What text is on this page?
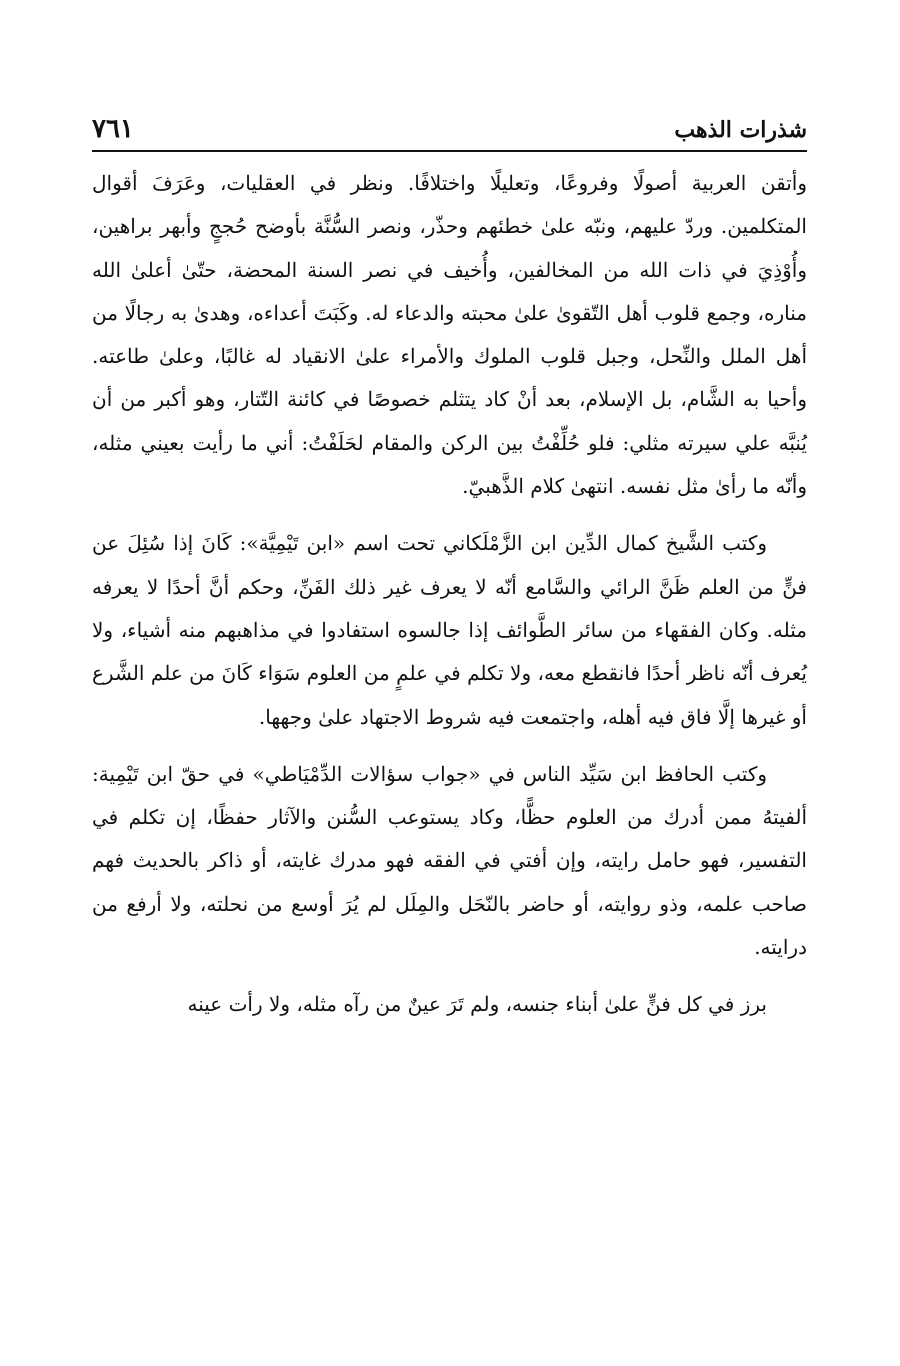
شذرات الذهب
٧٦١

وأتقن العربية أصولًا وفروعًا، وتعليلًا واختلافًا. ونظر في العقليات، وعَرَفَ أقوال المتكلمين. وردّ عليهم، ونبّه علىٰ خطئهم وحذّر، ونصر السُّنَّة بأوضح حُججٍ وأبهر براهين، وأُوْذِيَ في ذات الله من المخالفين، وأُخيف في نصر السنة المحضة، حتّىٰ أعلىٰ الله مناره، وجمع قلوب أهل التّقوىٰ علىٰ محبته والدعاء له. وكَبَتَ أعداءه، وهدىٰ به رجالًا من أهل الملل والنِّحل، وجبل قلوب الملوك والأمراء علىٰ الانقياد له غالبًا، وعلىٰ طاعته. وأحيا به الشَّام، بل الإسلام، بعد أنْ كاد يتثلم خصوصًا في كائنة التّتار، وهو أكبر من أن يُنبَّه علي سيرته مثلي: فلو حُلِّفْتُ بين الركن والمقام لحَلَفْتُ: أني ما رأيت بعيني مثله، وأنّه ما رأىٰ مثل نفسه. انتهىٰ كلام الذَّهبيّ.

وكتب الشَّيخ كمال الدِّين ابن الزَّمْلَكاني تحت اسم «ابن تَيْمِيَّة»: كَانَ إذا سُئِلَ عن فنٍّ من العلم ظَنَّ الرائي والسَّامع أنّه لا يعرف غير ذلك الفَنِّ، وحكم أنَّ أحدًا لا يعرفه مثله. وكان الفقهاء من سائر الطَّوائف إذا جالسوه استفادوا في مذاهبهم منه أشياء، ولا يُعرف أنّه ناظر أحدًا فانقطع معه، ولا تكلم في علمٍ من العلوم سَوَاء كَانَ من علم الشَّرع أو غيرها إلَّا فاق فيه أهله، واجتمعت فيه شروط الاجتهاد علىٰ وجهها.

وكتب الحافظ ابن سَيِّد الناس في «جواب سؤالات الدِّمْيَاطي» في حقّ ابن تَيْمِية: ألفيتهُ ممن أدرك من العلوم حظًّا، وكاد يستوعب السُّنن والآثار حفظًا، إن تكلم في التفسير، فهو حامل رايته، وإن أفتي في الفقه فهو مدرك غايته، أو ذاكر بالحديث فهم صاحب علمه، وذو روايته، أو حاضر بالنّحَل والمِلَل لم يُرَ أوسع من نحلته، ولا أرفع من درايته.

برز في كل فنٍّ علىٰ أبناء جنسه، ولم تَرَ عينٌ من رآه مثله، ولا رأت عينه
